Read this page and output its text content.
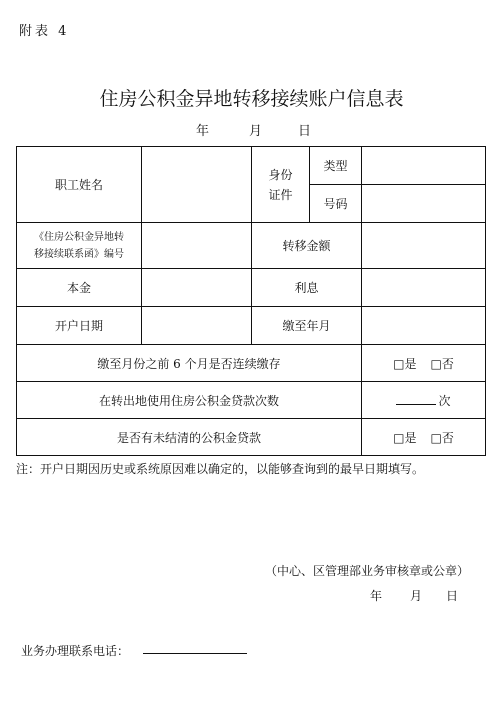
附表 4
住房公积金异地转移接续账户信息表
年	月	日
职工姓名		身份证件	类型	
			号码	

《住房公积金异地转
移接续联系函》编号		转移金额		
本金		利息		
开户日期		缴至年月		
缴至月份之前 6 个月是否连续缴存				□是 □否
在转出地使用住房公积金贷款次数				次
是否有未结清的公积金贷款				□是 □否
注：开户日期因历史或系统原因难以确定的，以能够查询到的最早日期填写。
（中心、区管理部业务审核章或公章）
年 月 日
业务办理联系电话：
